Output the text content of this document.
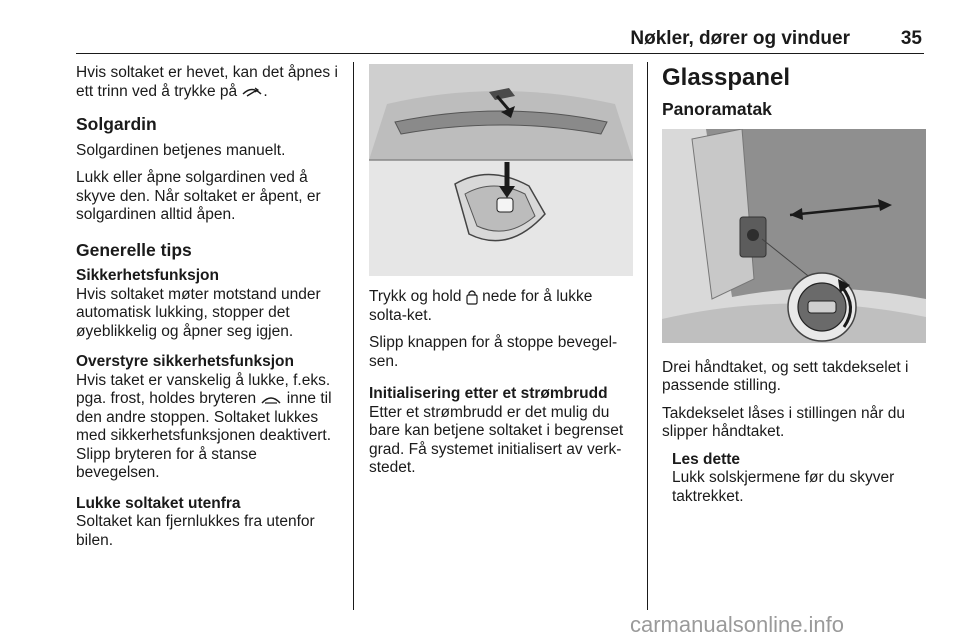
Nøkler, dører og vinduer	35

Hvis soltaket er hevet, kan det åpnes i ett trinn ved å trykke på .

Solgardin

Solgardinen betjenes manuelt.

Lukk eller åpne solgardinen ved å skyve den. Når soltaket er åpent, er solgardinen alltid åpen.

Generelle tips

Sikkerhetsfunksjon
Hvis soltaket møter motstand under automatisk lukking, stopper det øyeblikkelig og åpner seg igjen.

Overstyre sikkerhetsfunksjon
Hvis taket er vanskelig å lukke, f.eks. pga. frost, holdes bryteren inne til den andre stoppen. Soltaket lukkes med sikkerhetsfunksjonen deaktivert. Slipp bryteren for å stanse bevegelsen.

Lukke soltaket utenfra
Soltaket kan fjernlukkes fra utenfor bilen.

Trykk og hold nede for å lukke solta-ket.

Slipp knappen for å stoppe bevegel-sen.

Initialisering etter et strømbrudd
Etter et strømbrudd er det mulig du bare kan betjene soltaket i begrenset grad. Få systemet initialisert av verk-stedet.

Glasspanel
Panoramatak

Drei håndtaket, og sett takdekselet i passende stilling.

Takdekselet låses i stillingen når du slipper håndtaket.

Les dette
Lukk solskjermene før du skyver taktrekket.
carmanualsonline.info
